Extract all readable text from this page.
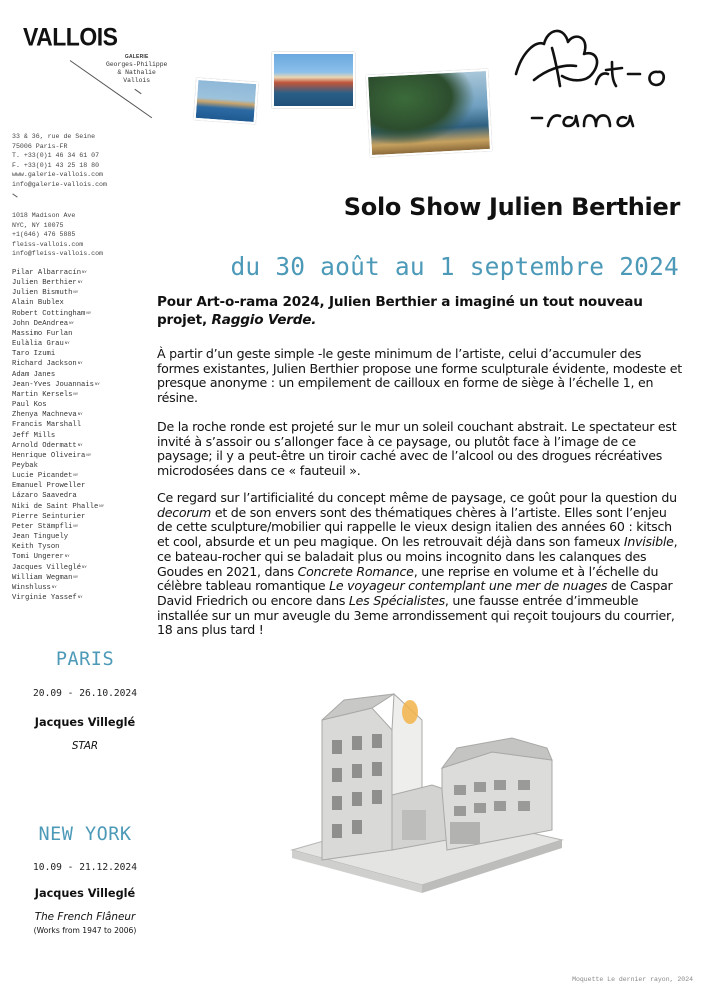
VALLOIS
GALERIE
Georges-Philippe
& Nathalie
Vallois
33 & 36, rue de Seine
75006 Paris-FR
T. +33(0)1 46 34 61 07
F. +33(0)1 43 25 18 80
www.galerie-vallois.com
info@galerie-vallois.com
1018 Madison Ave
NYC, NY 10075
+1(646) 476 5885
fleiss-vallois.com
info@fleiss-vallois.com
Pilar Albarracín$^{NY}$
Julien Berthier$^{NY}$
Julien Bismuth$^{NY}$
Alain Bublex
Robert Cottingham$^{NY}$
John DeAndrea$^{NY}$
Massimo Furlan
Eulàlia Grau$^{NY}$
Taro Izumi
Richard Jackson$^{NY}$
Adam Janes
Jean-Yves Jouannais$^{NY}$
Martin Kersels$^{NY}$
Paul Kos
Zhenya Machneva$^{NY}$
Francis Marshall
Jeff Mills
Arnold Odermatt$^{NY}$
Henrique Oliveira$^{NY}$
Peybak
Lucie Picandet$^{NY}$
Emanuel Proweller
Lázaro Saavedra
Niki de Saint Phalle$^{NY}$
Pierre Seinturier
Peter Stämpfli$^{NY}$
Jean Tinguely
Keith Tyson
Tomi Ungerer$^{NY}$
Jacques Villeglé$^{NY}$
William Wegman$^{NY}$
Winshluss$^{NY}$
Virginie Yassef$^{NY}$
Solo Show Julien Berthier
du 30 août au 1 septembre 2024

Pour Art-o-rama 2024, Julien Berthier a imaginé un tout nouveau projet, Raggio Verde.

À partir d’un geste simple -le geste minimum de l’artiste, celui d’accumuler des formes existantes, Julien Berthier propose une forme sculpturale évidente, modeste et presque anonyme : un empilement de cailloux en forme de siège à l’échelle 1, en résine.

De la roche ronde est projeté sur le mur un soleil couchant abstrait. Le spectateur est invité à s’assoir ou s’allonger face à ce paysage, ou plutôt face à l’image de ce paysage; il y a peut-être un tiroir caché avec de l’alcool ou des drogues récréatives microdosées dans ce « fauteuil ».

Ce regard sur l’artificialité du concept même de paysage, ce goût pour la question du decorum et de son envers sont des thématiques chères à l’artiste. Elles sont l’enjeu de cette sculpture/mobilier qui rappelle le vieux design italien des années 60 : kitsch et cool, absurde et un peu magique. On les retrouvait déjà dans son fameux Invisible, ce bateau-rocher qui se baladait plus ou moins incognito dans les calanques des Goudes en 2021, dans Concrete Romance, une reprise en volume et à l’échelle du célèbre tableau romantique Le voyageur contemplant une mer de nuages de Caspar David Friedrich ou encore dans Les Spécialistes, une fausse entrée d’immeuble installée sur un mur aveugle du 3eme arrondissement qui reçoit toujours du courrier, 18 ans plus tard !

PARIS
20.09 - 26.10.2024
Jacques Villeglé
STAR
NEW YORK
10.09 - 21.12.2024
Jacques Villeglé
The French Flâneur
(Works from 1947 to 2006)
Moquette Le dernier rayon, 2024
